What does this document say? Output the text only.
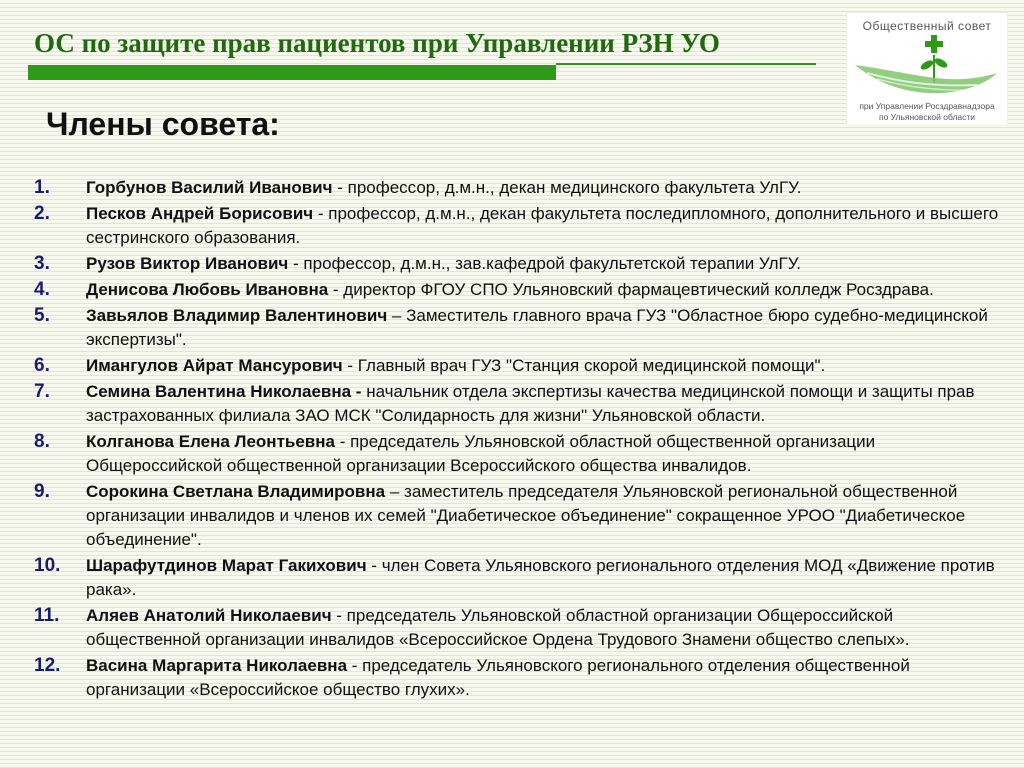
ОС по защите прав пациентов при Управлении РЗН УО
Общественный совет
при Управлении Росздравнадзора
по Ульяновской области
Члены совета:
1.	Горбунов Василий Иванович - профессор, д.м.н., декан медицинского факультета УлГУ.
2.	Песков Андрей Борисович - профессор, д.м.н., декан факультета последипломного, дополнительного и высшего сестринского образования.
3.	Рузов Виктор Иванович - профессор, д.м.н., зав.кафедрой факультетской терапии УлГУ.
4.	Денисова Любовь Ивановна - директор ФГОУ СПО Ульяновский фармацевтический колледж Росздрава.
5.	Завьялов Владимир Валентинович – Заместитель главного врача ГУЗ "Областное бюро судебно-медицинской экспертизы".
6.	Имангулов Айрат Мансурович - Главный врач ГУЗ "Станция скорой медицинской помощи".
7.	Семина Валентина Николаевна - начальник отдела экспертизы качества медицинской помощи и защиты прав застрахованных филиала ЗАО МСК "Солидарность для жизни" Ульяновской области.
8.	Колганова Елена Леонтьевна - председатель Ульяновской областной общественной организации Общероссийской общественной организации Всероссийского общества инвалидов.
9.	Сорокина Светлана Владимировна – заместитель председателя Ульяновской региональной общественной организации инвалидов и членов их семей "Диабетическое объединение" сокращенное УРОО "Диабетическое объединение".
10.	Шарафутдинов Марат Гакихович - член Совета Ульяновского регионального отделения МОД «Движение против рака».
11.	Аляев Анатолий Николаевич - председатель Ульяновской областной организации Общероссийской общественной организации инвалидов «Всероссийское Ордена Трудового Знамени общество слепых».
12.	Васина Маргарита Николаевна - председатель Ульяновского регионального отделения общественной организации «Всероссийское общество глухих».
